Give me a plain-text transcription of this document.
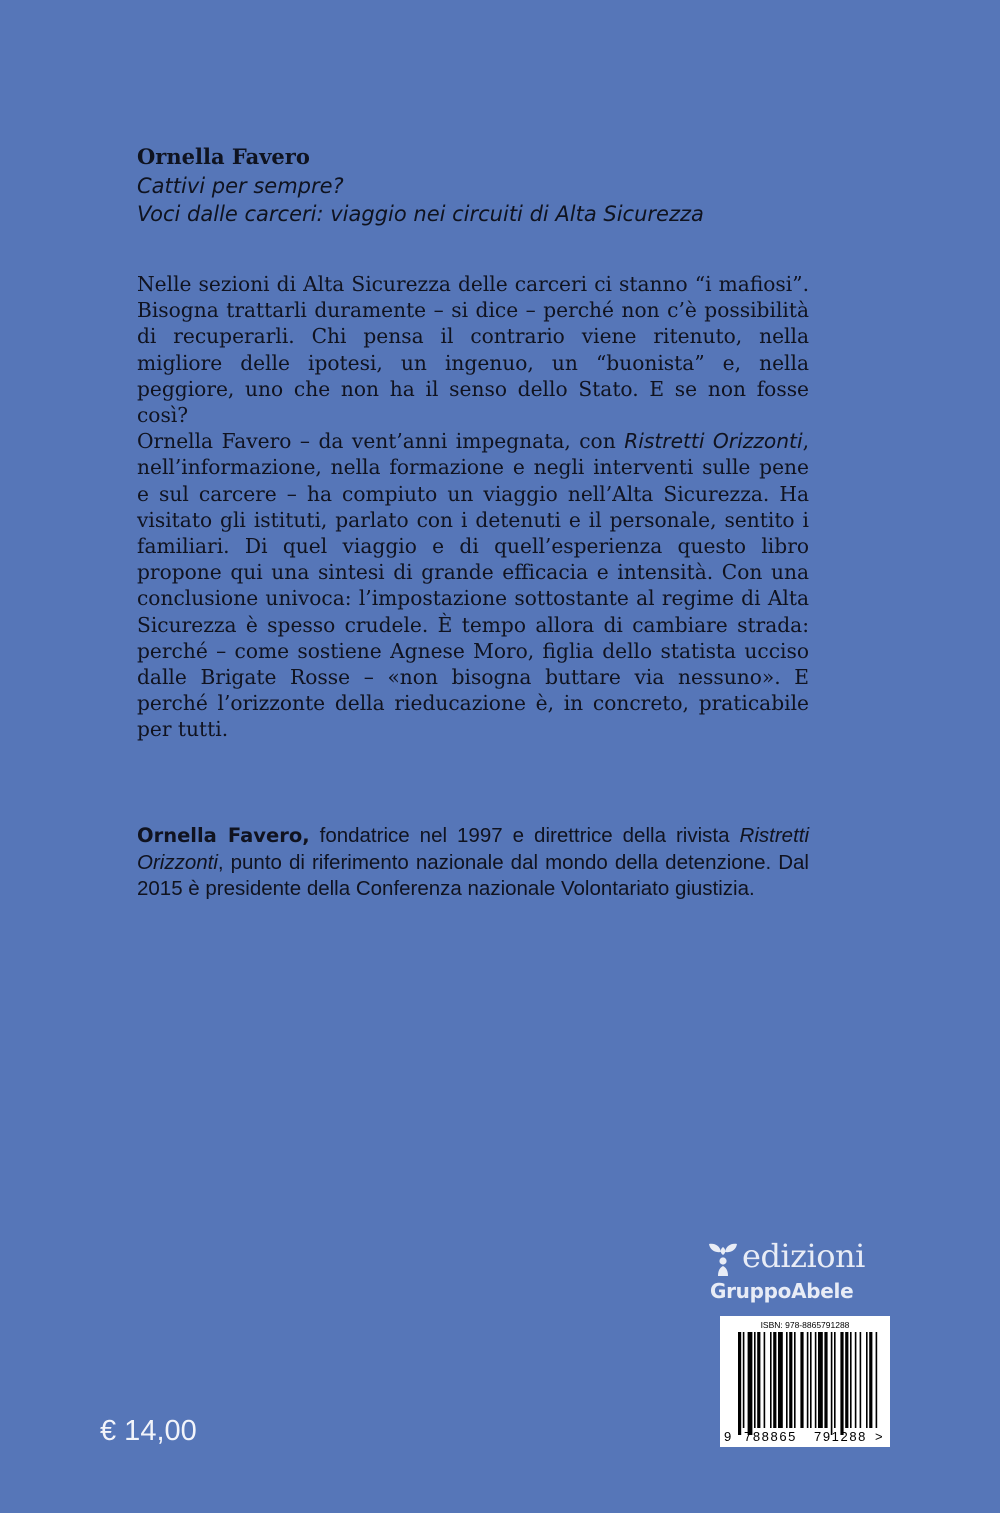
Ornella Favero
Cattivi per sempre?
Voci dalle carceri: viaggio nei circuiti di Alta Sicurezza

Nelle sezioni di Alta Sicurezza delle carceri ci stanno “i mafiosi”. Bisogna trattarli duramente – si dice – perché non c’è possibilità di recuperarli. Chi pensa il contrario viene ritenuto, nella migliore delle ipotesi, un ingenuo, un “buonista” e, nella peggiore, uno che non ha il senso dello Stato. E se non fosse così?

Ornella Favero – da vent’anni impegnata, con Ristretti Orizzonti, nell’informazione, nella formazione e negli interventi sulle pene e sul carcere – ha compiuto un viaggio nell’Alta Sicurezza. Ha visitato gli istituti, parlato con i detenuti e il personale, sentito i familiari. Di quel viaggio e di quell’esperienza questo libro propone qui una sintesi di grande efficacia e intensità. Con una conclusione univoca: l’impostazione sottostante al regime di Alta Sicurezza è spesso crudele. È tempo allora di cambiare strada: perché – come sostiene Agnese Moro, figlia dello statista ucciso dalle Brigate Rosse – «non bisogna buttare via nessuno». E perché l’orizzonte della rieducazione è, in concreto, praticabile per tutti.

Ornella Favero, fondatrice nel 1997 e direttrice della rivista Ristretti Orizzonti, punto di riferimento nazionale dal mondo della detenzione. Dal 2015 è presidente della Conferenza nazionale Volontariato giustizia.
edizioni
GruppoAbele
ISBN: 978-8865791288
9 788865 791288 >
€ 14,00
